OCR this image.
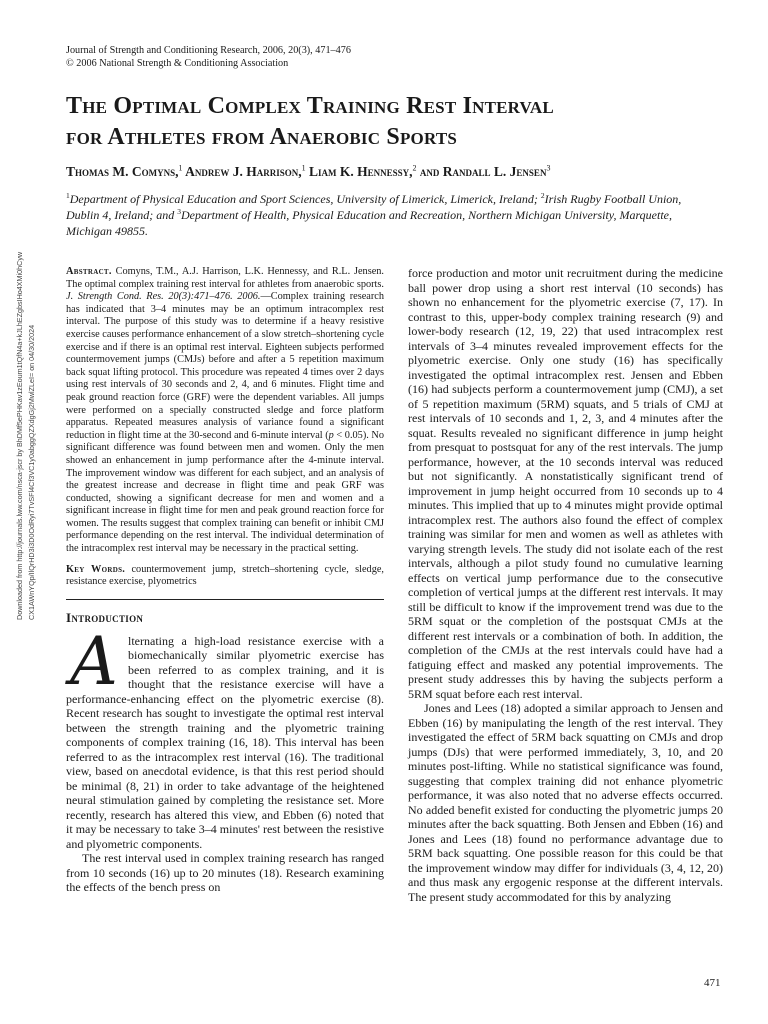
Journal of Strength and Conditioning Research, 2006, 20(3), 471–476
© 2006 National Strength & Conditioning Association
The Optimal Complex Training Rest Interval
for Athletes from Anaerobic Sports
Thomas M. Comyns,$^1$ Andrew J. Harrison,$^1$ Liam K. Hennessy,$^2$ and Randall L. Jensen$^3$
$^1$Department of Physical Education and Sport Sciences, University of Limerick, Limerick, Ireland; $^2$Irish Rugby Football Union, Dublin 4, Ireland; and $^3$Department of Health, Physical Education and Recreation, Northern Michigan University, Marquette, Michigan 49855.
Downloaded from http://journals.lww.com/nsca-jscr by BhDMf5ePHKav1zEoum1tQfN4a+kJLhEZgbsIHo4XMi0hCyw CX1AWnYQp/IlQrHD3i3D0OdRyi7TvSFl4Cf3VC1y0abggQZXdgGj2MwlZLeI= on 04/30/2024

Abstract. Comyns, T.M., A.J. Harrison, L.K. Hennessy, and R.L. Jensen. The optimal complex training rest interval for athletes from anaerobic sports. J. Strength Cond. Res. 20(3):471–476. 2006.—Complex training research has indicated that 3–4 minutes may be an optimum intracomplex rest interval. The purpose of this study was to determine if a heavy resistive exercise causes performance enhancement of a slow stretch–shortening cycle exercise and if there is an optimal rest interval. Eighteen subjects performed countermovement jumps (CMJs) before and after a 5 repetition maximum back squat lifting protocol. This procedure was repeated 4 times over 2 days using rest intervals of 30 seconds and 2, 4, and 6 minutes. Flight time and peak ground reaction force (GRF) were the dependent variables. All jumps were performed on a specially constructed sledge and force platform apparatus. Repeated measures analysis of variance found a significant reduction in flight time at the 30-second and 6-minute interval (p < 0.05). No significant difference was found between men and women. Only the men showed an enhancement in jump performance after the 4-minute interval. The improvement window was different for each subject, and an analysis of the greatest increase and decrease in flight time and peak GRF was conducted, showing a significant decrease for men and women and a significant increase in flight time for men and peak ground reaction force for women. The results suggest that complex training can benefit or inhibit CMJ performance depending on the rest interval. The individual determination of the intracomplex rest interval may be necessary in the practical setting.

Key Words. countermovement jump, stretch–shortening cycle, sledge, resistance exercise, plyometrics

Introduction

Alternating a high-load resistance exercise with a biomechanically similar plyometric exercise has been referred to as complex training, and it is thought that the resistance exercise will have a performance-enhancing effect on the plyometric exercise (8). Recent research has sought to investigate the optimal rest interval between the strength training and the plyometric training components of complex training (16, 18). This interval has been referred to as the intracomplex rest interval (16). The traditional view, based on anecdotal evidence, is that this rest period should be minimal (8, 21) in order to take advantage of the heightened neural stimulation gained by completing the resistance set. More recently, research has altered this view, and Ebben (6) noted that it may be necessary to take 3–4 minutes' rest between the resistive and plyometric components.

The rest interval used in complex training research has ranged from 10 seconds (16) up to 20 minutes (18). Research examining the effects of the bench press on

force production and motor unit recruitment during the medicine ball power drop using a short rest interval (10 seconds) has shown no enhancement for the plyometric exercise (7, 17). In contrast to this, upper-body complex training research (9) and lower-body research (12, 19, 22) that used intracomplex rest intervals of 3–4 minutes revealed improvement effects for the plyometric exercise. Only one study (16) has specifically investigated the optimal intracomplex rest. Jensen and Ebben (16) had subjects perform a countermovement jump (CMJ), a set of 5 repetition maximum (5RM) squats, and 5 trials of CMJ at rest intervals of 10 seconds and 1, 2, 3, and 4 minutes after the squat. Results revealed no significant difference in jump height from presquat to postsquat for any of the rest intervals. The jump performance, however, at the 10 seconds interval was reduced but not significantly. A nonstatistically significant trend of improvement in jump height occurred from 10 seconds up to 4 minutes. This implied that up to 4 minutes might provide optimal intracomplex rest. The authors also found the effect of complex training was similar for men and women as well as athletes with varying strength levels. The study did not isolate each of the rest intervals, although a pilot study found no cumulative learning effects on vertical jump performance due to the consecutive completion of vertical jumps at the different rest intervals. It may still be difficult to know if the improvement trend was due to the 5RM squat or the completion of the postsquat CMJs at the different rest intervals or a combination of both. In addition, the completion of the CMJs at the rest intervals could have had a fatiguing effect and masked any potential improvements. The present study addresses this by having the subjects perform a 5RM squat before each rest interval.

Jones and Lees (18) adopted a similar approach to Jensen and Ebben (16) by manipulating the length of the rest interval. They investigated the effect of 5RM back squatting on CMJs and drop jumps (DJs) that were performed immediately, 3, 10, and 20 minutes post-lifting. While no statistical significance was found, suggesting that complex training did not enhance plyometric performance, it was also noted that no adverse effects occurred. No added benefit existed for conducting the plyometric jumps 20 minutes after the back squatting. Both Jensen and Ebben (16) and Jones and Lees (18) found no performance advantage due to 5RM back squatting. One possible reason for this could be that the improvement window may differ for individuals (3, 4, 12, 20) and thus mask any ergogenic response at the different intervals. The present study accommodated for this by analyzing

471
